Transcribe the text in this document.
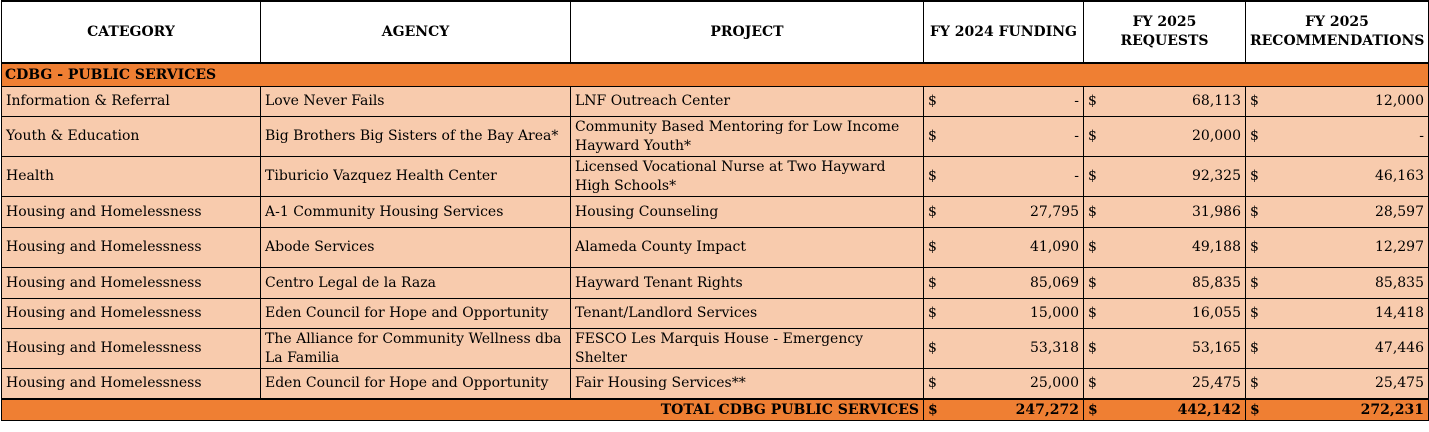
CATEGORY	AGENCY	PROJECT	FY 2024 FUNDING	FY 2025 REQUESTS	FY 2025
RECOMMENDATIONS
CDBG - PUBLIC SERVICES					
Information & Referral	Love Never Fails	LNF Outreach Center	$ -	$ 68,113	$ 12,000

Youth & Education	Big Brothers Big Sisters of the Bay Area*	Community Based Mentoring for Low Income Hayward Youth*	$ -	$ 20,000	$ -

Health	Tiburicio Vazquez Health Center	Licensed Vocational Nurse at Two Hayward High Schools*	$ -	$ 92,325	$ 46,163

Housing and Homelessness	A-1 Community Housing Services	Housing Counseling	$ 27,795	$ 31,986	$ 28,597

Housing and Homelessness	Abode Services	Alameda County Impact	$ 41,090	$ 49,188	$ 12,297

Housing and Homelessness	Centro Legal de la Raza	Hayward Tenant Rights	$ 85,069	$ 85,835	$ 85,835

Housing and Homelessness	Eden Council for Hope and Opportunity	Tenant/Landlord Services	$ 15,000	$ 16,055	$ 14,418

Housing and Homelessness	The Alliance for Community Wellness dba La Familia	FESCO Les Marquis House - Emergency Shelter	$ 53,318	$ 53,165	$ 47,446

Housing and Homelessness	Eden Council for Hope and Opportunity	Fair Housing Services**	$ 25,000	$ 25,475	$ 25,475

TOTAL CDBG PUBLIC SERVICES			$ 247,272	$ 442,142	$ 272,231
